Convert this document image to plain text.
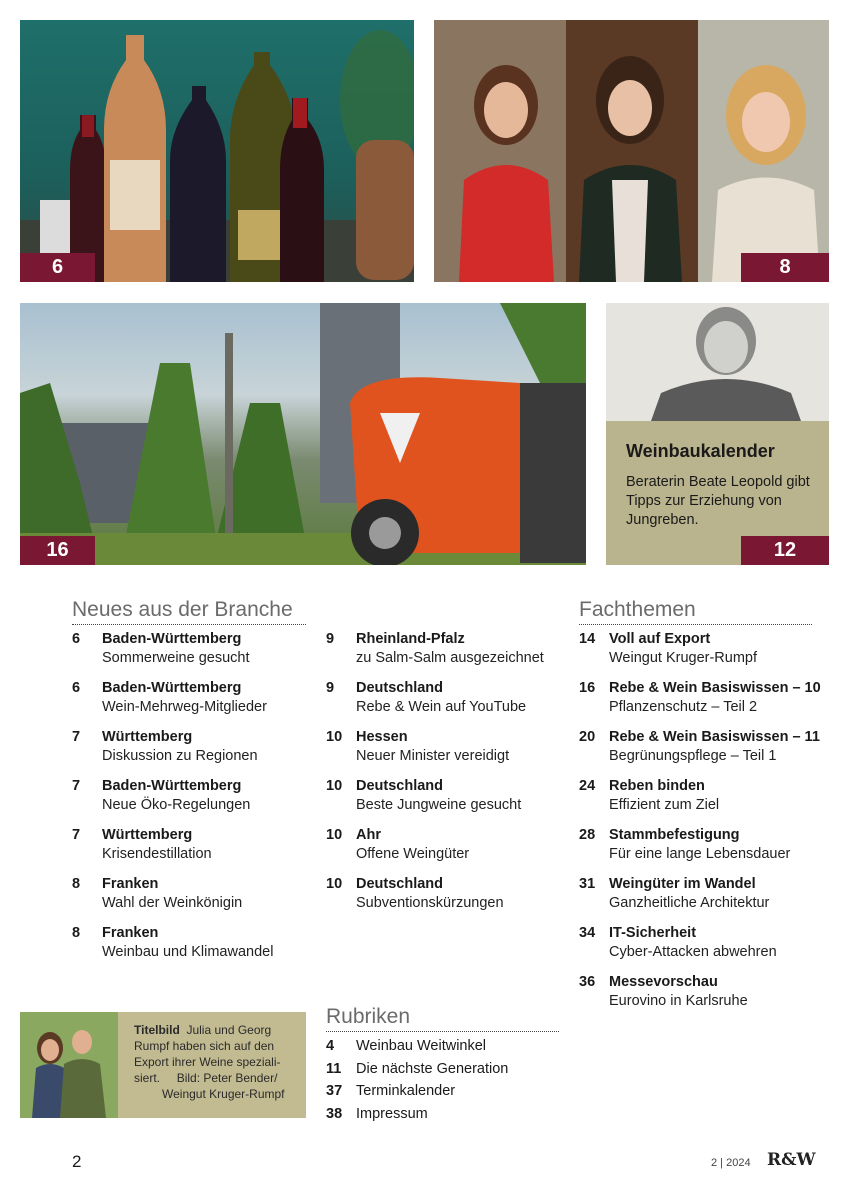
6	8
16
Weinbaukalender
Beraterin Beate Leopold gibt Tipps zur Erziehung von Jungreben.
12
Neues aus der Branche
6 Baden-Württemberg
Sommerweine gesucht
6 Baden-Württemberg
Wein-Mehrweg-Mitglieder
7 Württemberg
Diskussion zu Regionen
7 Baden-Württemberg
Neue Öko-Regelungen
7 Württemberg
Krisendestillation
8 Franken
Wahl der Weinkönigin
8 Franken
Weinbau und Klimawandel
9 Rheinland-Pfalz
zu Salm-Salm ausgezeichnet
9 Deutschland
Rebe & Wein auf YouTube
10 Hessen
Neuer Minister vereidigt
10 Deutschland
Beste Jungweine gesucht
10 Ahr
Offene Weingüter
10 Deutschland
Subventionskürzungen
Fachthemen
14 Voll auf Export
Weingut Kruger-Rumpf
16 Rebe & Wein Basiswissen – 10
Pflanzenschutz – Teil 2
20 Rebe & Wein Basiswissen – 11
Begrünungspflege – Teil 1
24 Reben binden
Effizient zum Ziel
28 Stammbefestigung
Für eine lange Lebensdauer
31 Weingüter im Wandel
Ganzheitliche Architektur
34 IT-Sicherheit
Cyber-Attacken abwehren
36 Messevorschau
Eurovino in Karlsruhe
Rubriken
4 Weinbau Weitwinkel
11 Die nächste Generation
37 Terminkalender
38 Impressum
Titelbild Julia und Georg
Rumpf haben sich auf den
Export ihrer Weine speziali-
siert. Bild: Peter Bender/
Weingut Kruger-Rumpf
2	2 | 2024 R&W
